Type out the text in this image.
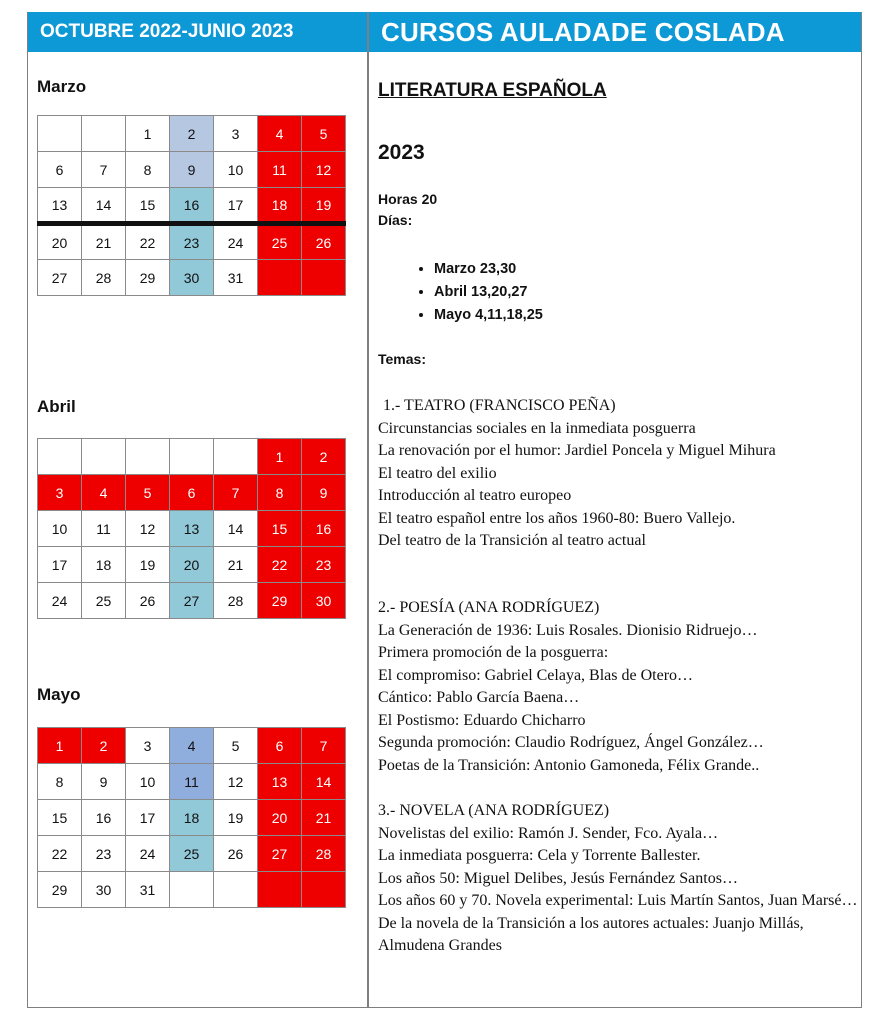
OCTUBRE 2022-JUNIO 2023	CURSOS AULADADE COSLADA
Marzo
		1	2	3	4	5
6	7	8	9	10	11	12
13	14	15	16	17	18	19
20	21	22	23	24	25	26
27	28	29	30	31		
Abril
					1	2
3	4	5	6	7	8	9
10	11	12	13	14	15	16
17	18	19	20	21	22	23
24	25	26	27	28	29	30
Mayo
1	2	3	4	5	6	7
8	9	10	11	12	13	14
15	16	17	18	19	20	21
22	23	24	25	26	27	28
29	30	31				
LITERATURA ESPAÑOLA
2023
Horas 20
Días:
• Marzo 23,30
• Abril 13,20,27
• Mayo 4,11,18,25
Temas:
1.- TEATRO (FRANCISCO PEÑA)
Circunstancias sociales en la inmediata posguerra
La renovación por el humor: Jardiel Poncela y Miguel Mihura
El teatro del exilio
Introducción al teatro europeo
El teatro español entre los años 1960-80: Buero Vallejo.
Del teatro de la Transición al teatro actual
2.- POESÍA (ANA RODRÍGUEZ)
La Generación de 1936: Luis Rosales. Dionisio Ridruejo…
Primera promoción de la posguerra:
El compromiso: Gabriel Celaya, Blas de Otero…
Cántico: Pablo García Baena…
El Postismo: Eduardo Chicharro
Segunda promoción: Claudio Rodríguez, Ángel González…
Poetas de la Transición: Antonio Gamoneda, Félix Grande..
3.- NOVELA (ANA RODRÍGUEZ)
Novelistas del exilio: Ramón J. Sender, Fco. Ayala…
La inmediata posguerra: Cela y Torrente Ballester.
Los años 50: Miguel Delibes, Jesús Fernández Santos…
Los años 60 y 70. Novela experimental: Luis Martín Santos, Juan Marsé…
De la novela de la Transición a los autores actuales: Juanjo Millás, Almudena Grandes
